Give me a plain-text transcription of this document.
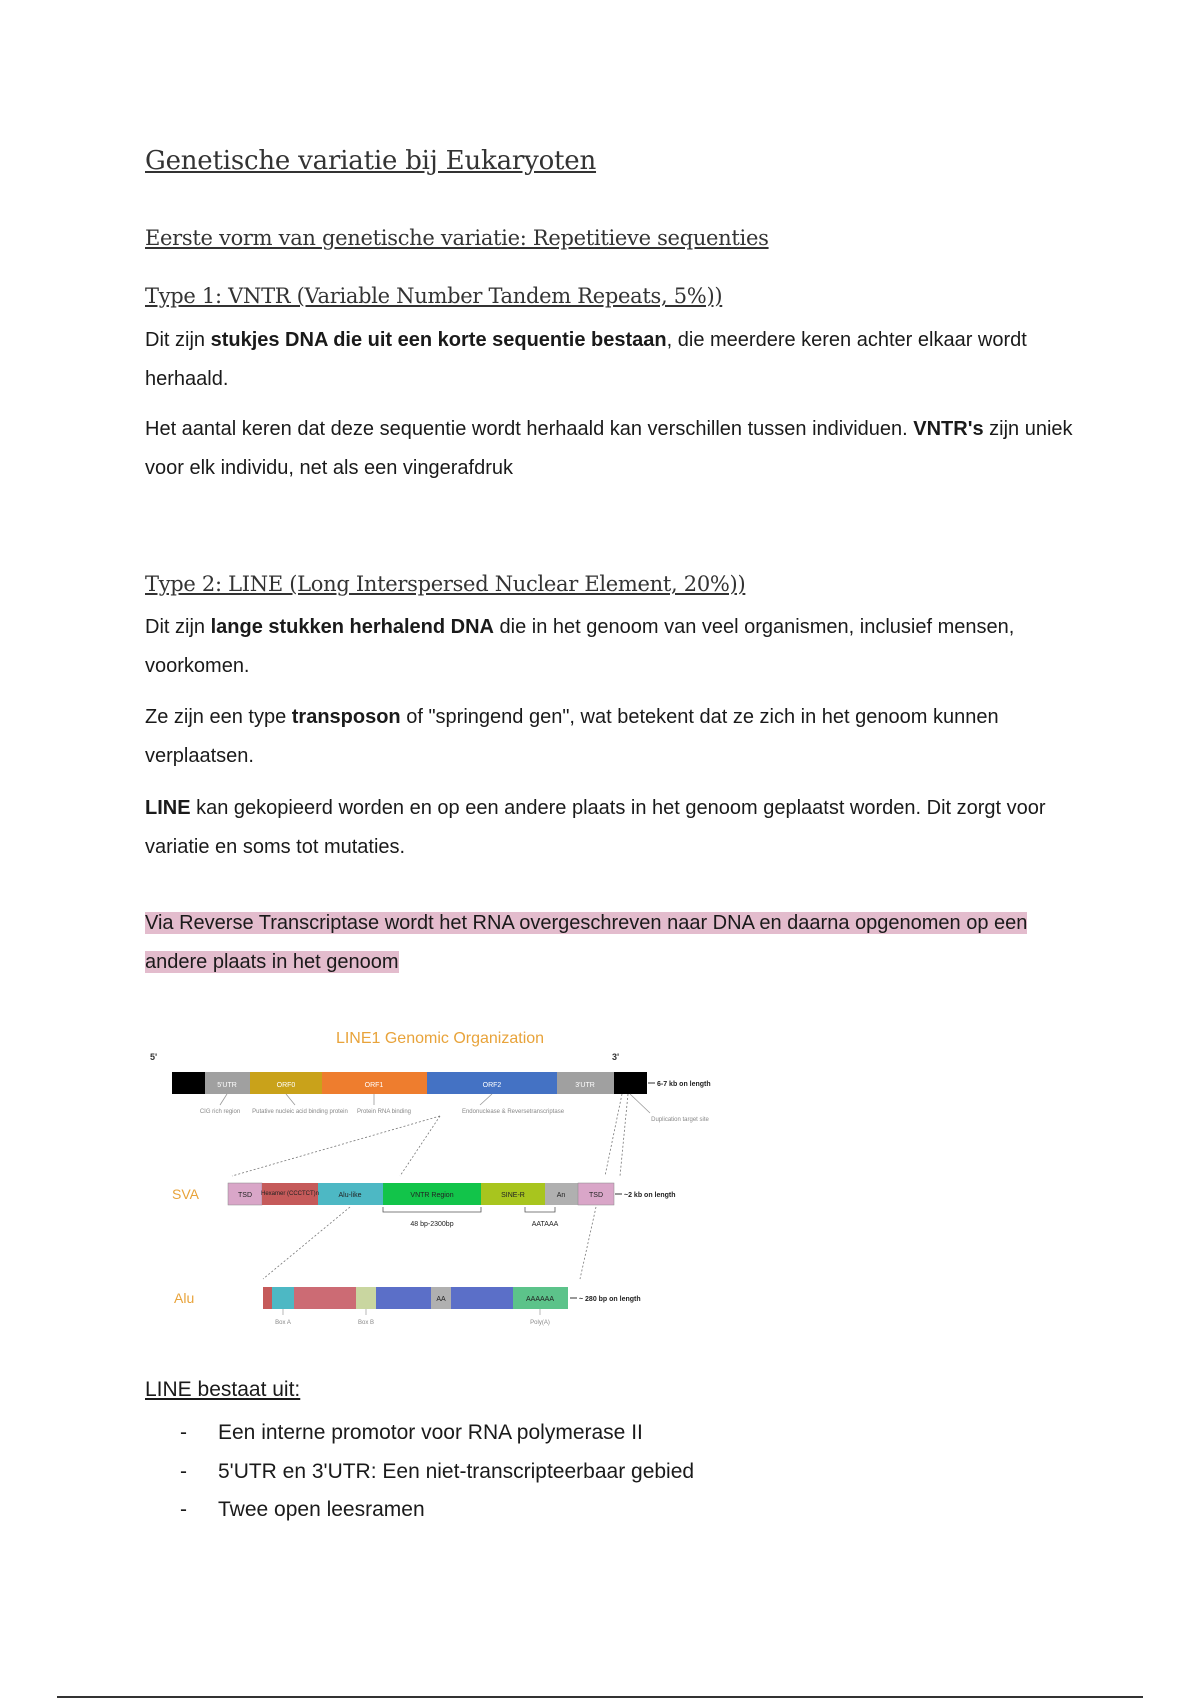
Genetische variatie bij Eukaryoten
Eerste vorm van genetische variatie: Repetitieve sequenties
Type 1: VNTR (Variable Number Tandem Repeats, 5%))
Dit zijn stukjes DNA die uit een korte sequentie bestaan, die meerdere keren achter elkaar wordt herhaald.
Het aantal keren dat deze sequentie wordt herhaald kan verschillen tussen individuen. VNTR's zijn uniek voor elk individu, net als een vingerafdruk
Type 2: LINE (Long Interspersed Nuclear Element, 20%))
Dit zijn lange stukken herhalend DNA die in het genoom van veel organismen, inclusief mensen, voorkomen.
Ze zijn een type transposon of "springend gen", wat betekent dat ze zich in het genoom kunnen verplaatsen.
LINE kan gekopieerd worden en op een andere plaats in het genoom geplaatst worden. Dit zorgt voor variatie en soms tot mutaties.
Via Reverse Transcriptase wordt het RNA overgeschreven naar DNA en daarna opgenomen op een andere plaats in het genoom
LINE1 Genomic Organization
5'	3'
5'UTR	ORF0	ORF1	ORF2	3'UTR	6-7 kb on length
CIG rich region Putative nucleic acid binding protein Protein RNA binding	Endonuclease & Reversetranscriptase
Duplication target site
SVA	TSD Hexamer (CCCTCT)n	Alu-like	VNTR Region	SINE-R	An	TSD	~2 kb on length
48 bp-2300bp	AATAAA
Alu	AA	AAAAAA	~ 280 bp on length
Box A	Box B	Poly(A)
LINE bestaat uit:
- Een interne promotor voor RNA polymerase II
- 5'UTR en 3'UTR: Een niet-transcripteerbaar gebied
- Twee open leesramen
